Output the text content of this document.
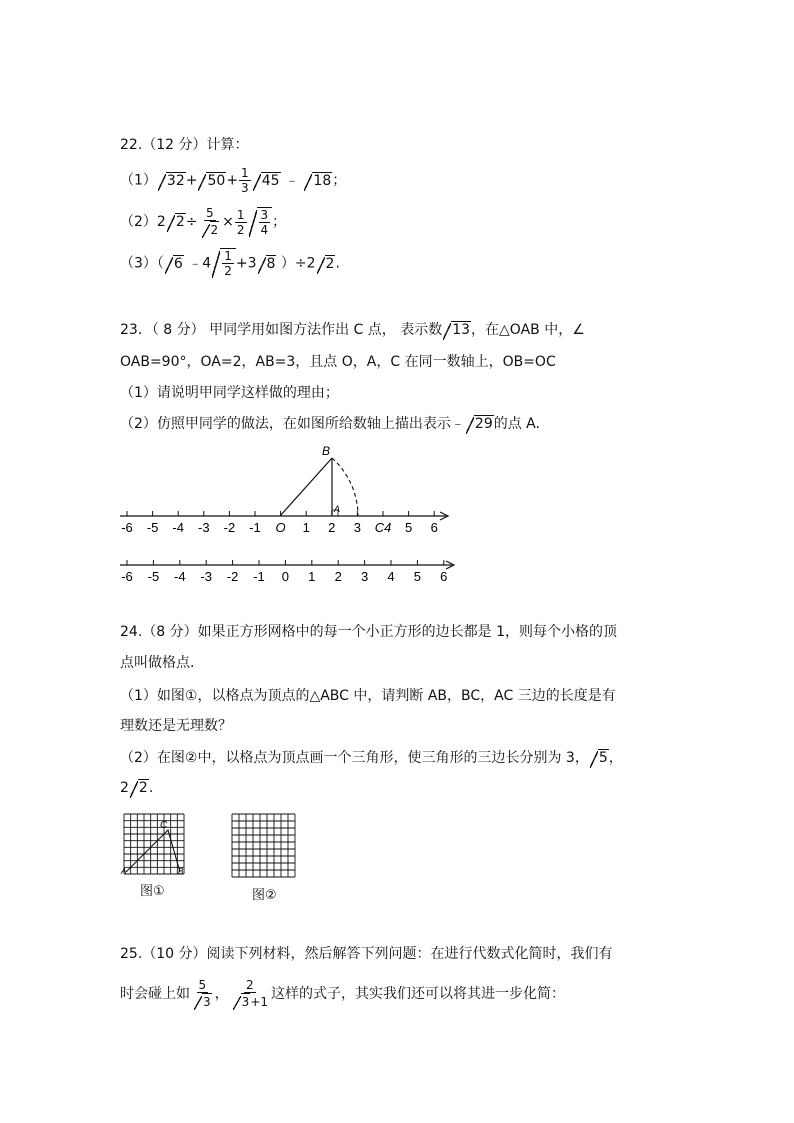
22.（12 分）计算：
（1） $32+ 50+ \frac{1}{3} 45$ ﹣ 18；
（2）2 $2\div \frac{5}{2} \times \frac{1}{2} \frac{3}{4}$ ；
（3）（ 6 ﹣4 $\frac{1}{2} +3$ 8 ）÷2 2.
23．（ 8 分） 甲同学用如图方法作出 C 点， 表示数 13，在△OAB 中，∠
OAB=90°，OA=2，AB=3，且点 O，A，C 在同一数轴上，OB=OC
（1）请说明甲同学这样做的理由；
（2）仿照甲同学的做法，在如图所给数轴上描出表示﹣ 29的点 A.
-6 -5 -4 -3 -2 -1 O 1 2 3 C4 5 6
B
A
-6 -5 -4 -3 -2 -1 0 1 2 3 4 5 6
24.（8 分）如果正方形网格中的每一个小正方形的边长都是 1，则每个小格的顶
点叫做格点.
（1）如图①，以格点为顶点的△ABC 中，请判断 AB，BC，AC 三边的长度是有
理数还是无理数？
（2）在图②中，以格点为顶点画一个三角形，使三角形的三边长分别为 3， 5，
2 2.
C
A	B
图①	图②
25.（10 分）阅读下列材料，然后解答下列问题：在进行代数式化简时，我们有
时会碰上如 $\frac{5}{3}$ ， $\frac{2}{3+1}$ 这样的式子，其实我们还可以将其进一步化简：
